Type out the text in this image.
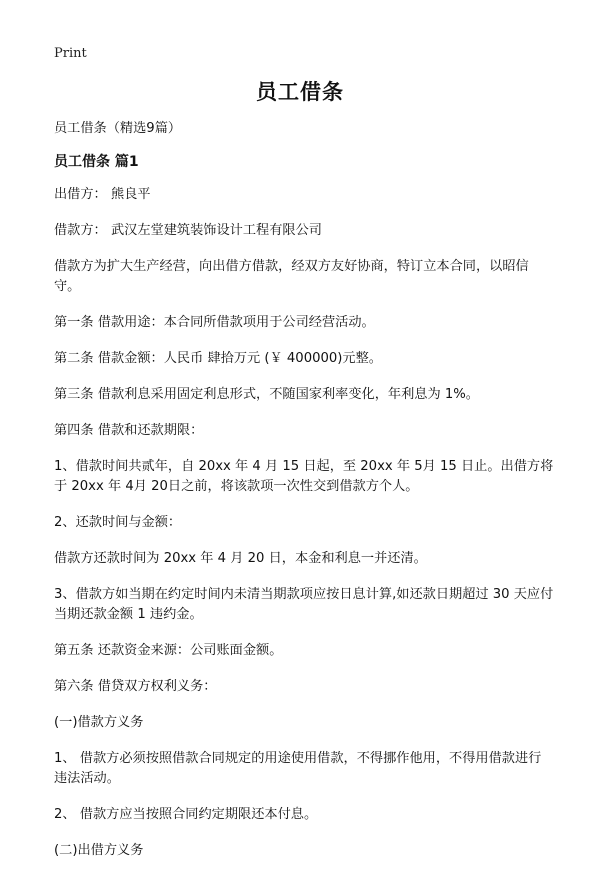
Print
员工借条

员工借条（精选9篇）

员工借条 篇1

出借方： 熊良平

借款方： 武汉左堂建筑装饰设计工程有限公司

借款方为扩大生产经营，向出借方借款，经双方友好协商，特订立本合同，以昭信守。

第一条 借款用途：本合同所借款项用于公司经营活动。

第二条 借款金额：人民币 肆拾万元 (￥ 400000)元整。

第三条 借款利息采用固定利息形式，不随国家利率变化，年利息为 1%。

第四条 借款和还款期限：

1、借款时间共贰年，自 20xx 年 4 月 15 日起，至 20xx 年 5月 15 日止。出借方将于 20xx 年 4月 20日之前，将该款项一次性交到借款方个人。

2、还款时间与金额：

借款方还款时间为 20xx 年 4 月 20 日，本金和利息一并还清。

3、借款方如当期在约定时间内未清当期款项应按日息计算,如还款日期超过 30 天应付当期还款金额 1 违约金。

第五条 还款资金来源：公司账面金额。

第六条 借贷双方权利义务：

(一)借款方义务

1、 借款方必须按照借款合同规定的用途使用借款，不得挪作他用，不得用借款进行违法活动。

2、 借款方应当按照合同约定期限还本付息。

(二)出借方义务
